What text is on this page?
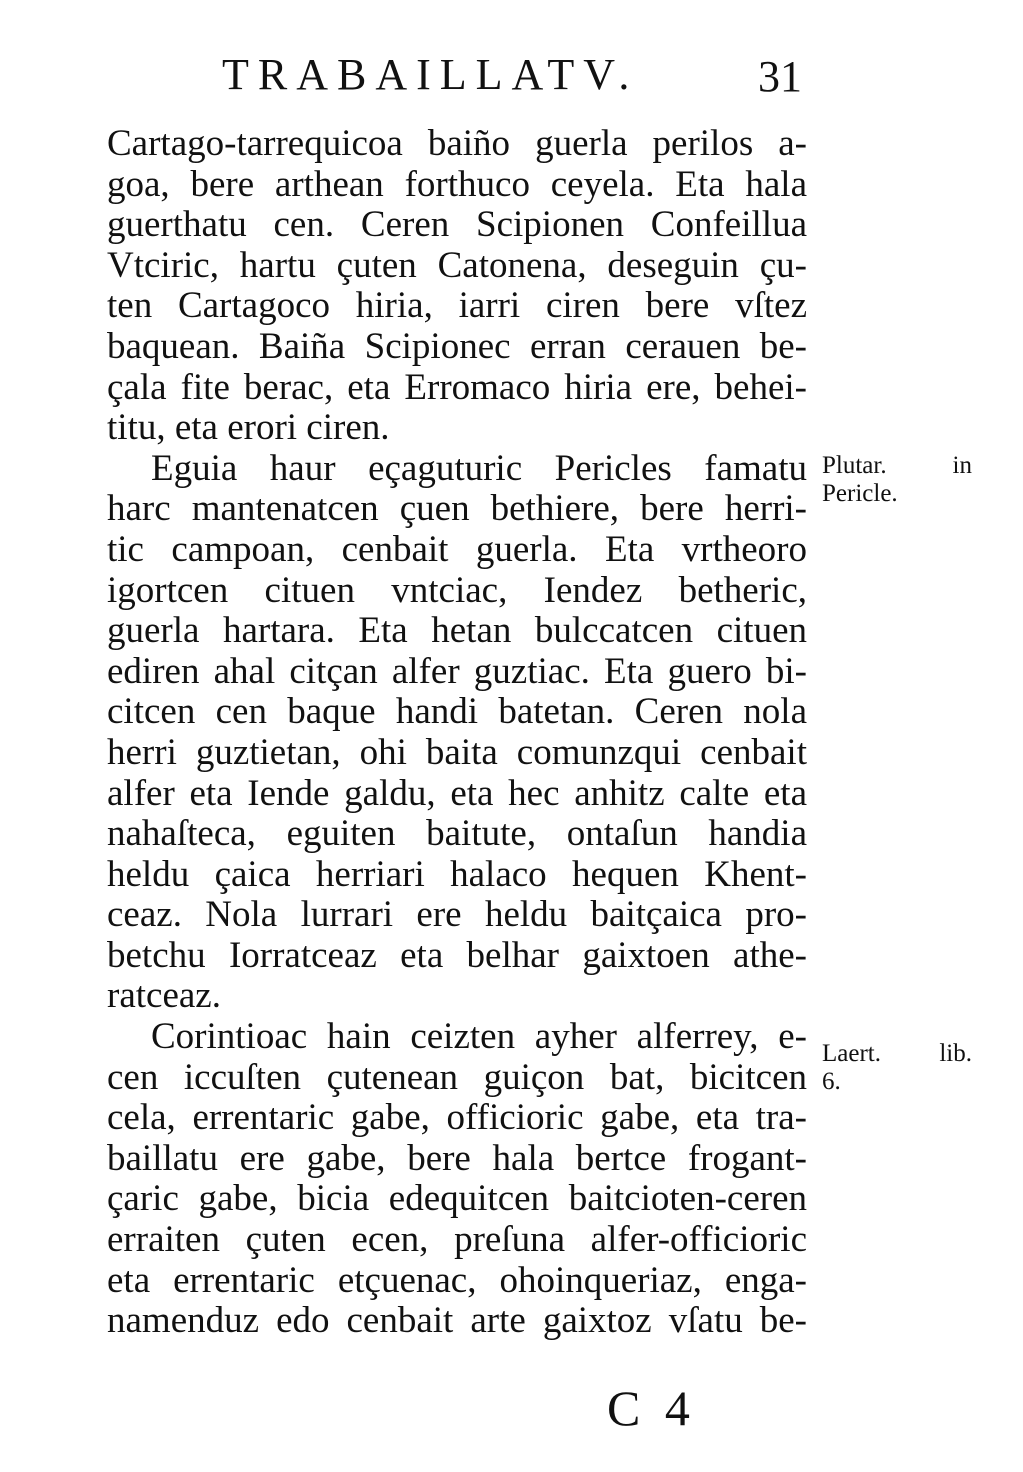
TRABAILLATV.	31
Cartago-tarrequicoa baiño guerla perilos a-
goa, bere arthean forthuco ceyela. Eta hala
guerthatu cen. Ceren Scipionen Confeillua
Vtciric, hartu çuten Catonena, deseguin çu-
ten Cartagoco hiria, iarri ciren bere vſtez
baquean. Baiña Scipionec erran cerauen be-
çala fite berac, eta Erromaco hiria ere, behei-
titu, eta erori ciren.
Eguia haur eçaguturic Pericles famatu
harc mantenatcen çuen bethiere, bere herri-
tic campoan, cenbait guerla. Eta vrtheoro
igortcen cituen vntciac, Iendez betheric,
guerla hartara. Eta hetan bulccatcen cituen
ediren ahal citçan alfer guztiac. Eta guero bi-
citcen cen baque handi batetan. Ceren nola
herri guztietan, ohi baita comunzqui cenbait
alfer eta Iende galdu, eta hec anhitz calte eta
nahaſteca, eguiten baitute, ontaſun handia
heldu çaica herriari halaco hequen Khent-
ceaz. Nola lurrari ere heldu baitçaica pro-
betchu Iorratceaz eta belhar gaixtoen athe-
ratceaz.
Corintioac hain ceizten ayher alferrey, e-
cen iccuſten çutenean guiçon bat, bicitcen
cela, errentaric gabe, officioric gabe, eta tra-
baillatu ere gabe, bere hala bertce frogant-
çaric gabe, bicia edequitcen baitcioten-ceren
erraiten çuten ecen, preſuna alfer-officioric
eta errentaric etçuenac, ohoinqueriaz, enga-
namenduz edo cenbait arte gaixtoz vſatu be-
Plutar.	in
Pericle.
Laert. lib.
6.
C 4
